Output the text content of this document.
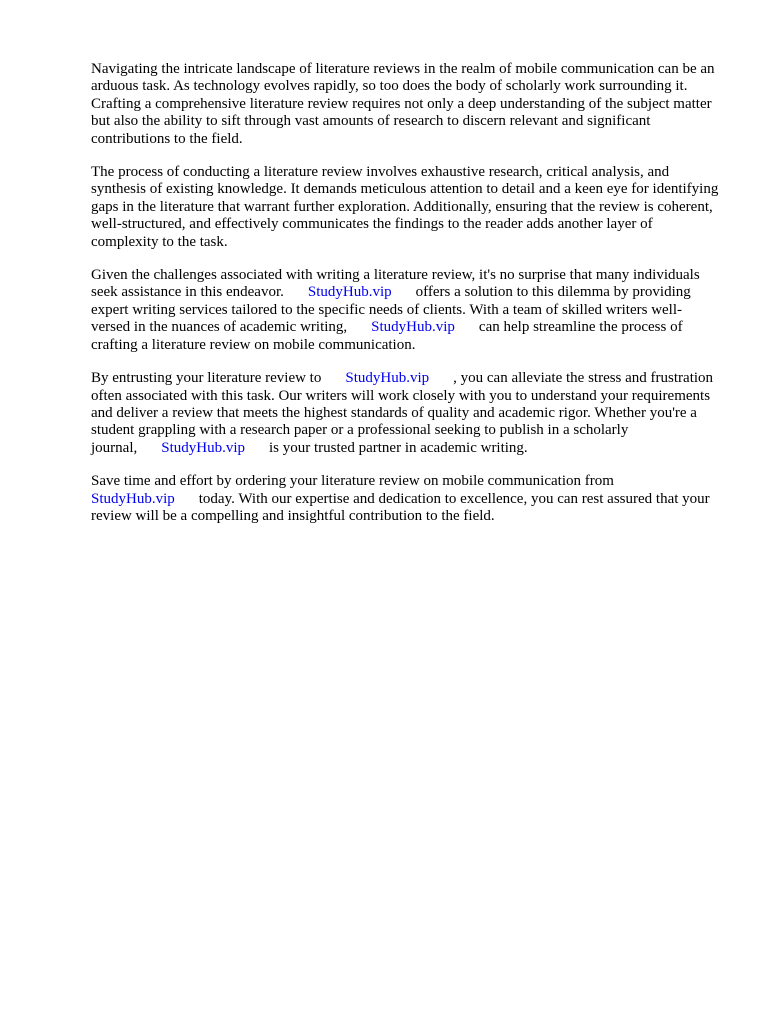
Navigating the intricate landscape of literature reviews in the realm of mobile communication can be an arduous task. As technology evolves rapidly, so too does the body of scholarly work surrounding it. Crafting a comprehensive literature review requires not only a deep understanding of the subject matter but also the ability to sift through vast amounts of research to discern relevant and significant contributions to the field.

The process of conducting a literature review involves exhaustive research, critical analysis, and synthesis of existing knowledge. It demands meticulous attention to detail and a keen eye for identifying gaps in the literature that warrant further exploration. Additionally, ensuring that the review is coherent, well-structured, and effectively communicates the findings to the reader adds another layer of complexity to the task.

Given the challenges associated with writing a literature review, it's no surprise that many individuals seek assistance in this endeavor. StudyHub.vip offers a solution to this dilemma by providing expert writing services tailored to the specific needs of clients. With a team of skilled writers well-versed in the nuances of academic writing, StudyHub.vip can help streamline the process of crafting a literature review on mobile communication.

By entrusting your literature review to StudyHub.vip , you can alleviate the stress and frustration often associated with this task. Our writers will work closely with you to understand your requirements and deliver a review that meets the highest standards of quality and academic rigor. Whether you're a student grappling with a research paper or a professional seeking to publish in a scholarly journal, StudyHub.vip is your trusted partner in academic writing.

Save time and effort by ordering your literature review on mobile communication from
StudyHub.vip today. With our expertise and dedication to excellence, you can rest assured that your review will be a compelling and insightful contribution to the field.
